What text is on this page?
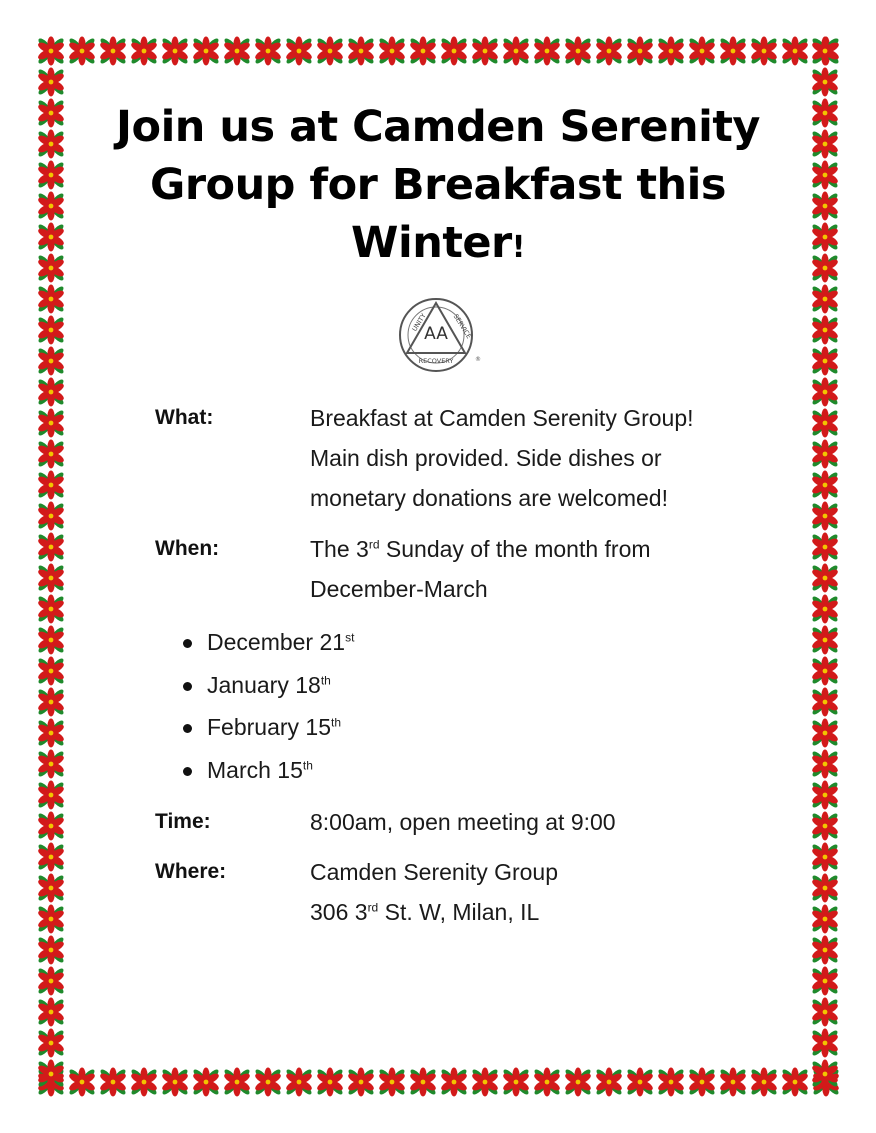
Join us at Camden Serenity
Group for Breakfast this
Winter!
AA
UNITY	SERVICE
RECOVERY	®
What:	Breakfast at Camden Serenity Group!
Main dish provided. Side dishes or
monetary donations are welcomed!
When:	The 3rd Sunday of the month from
December-March
Time:	8:00am, open meeting at 9:00
Where:	Camden Serenity Group
306 3rd St. W, Milan, IL
December 21st
January 18th
February 15th
March 15th
